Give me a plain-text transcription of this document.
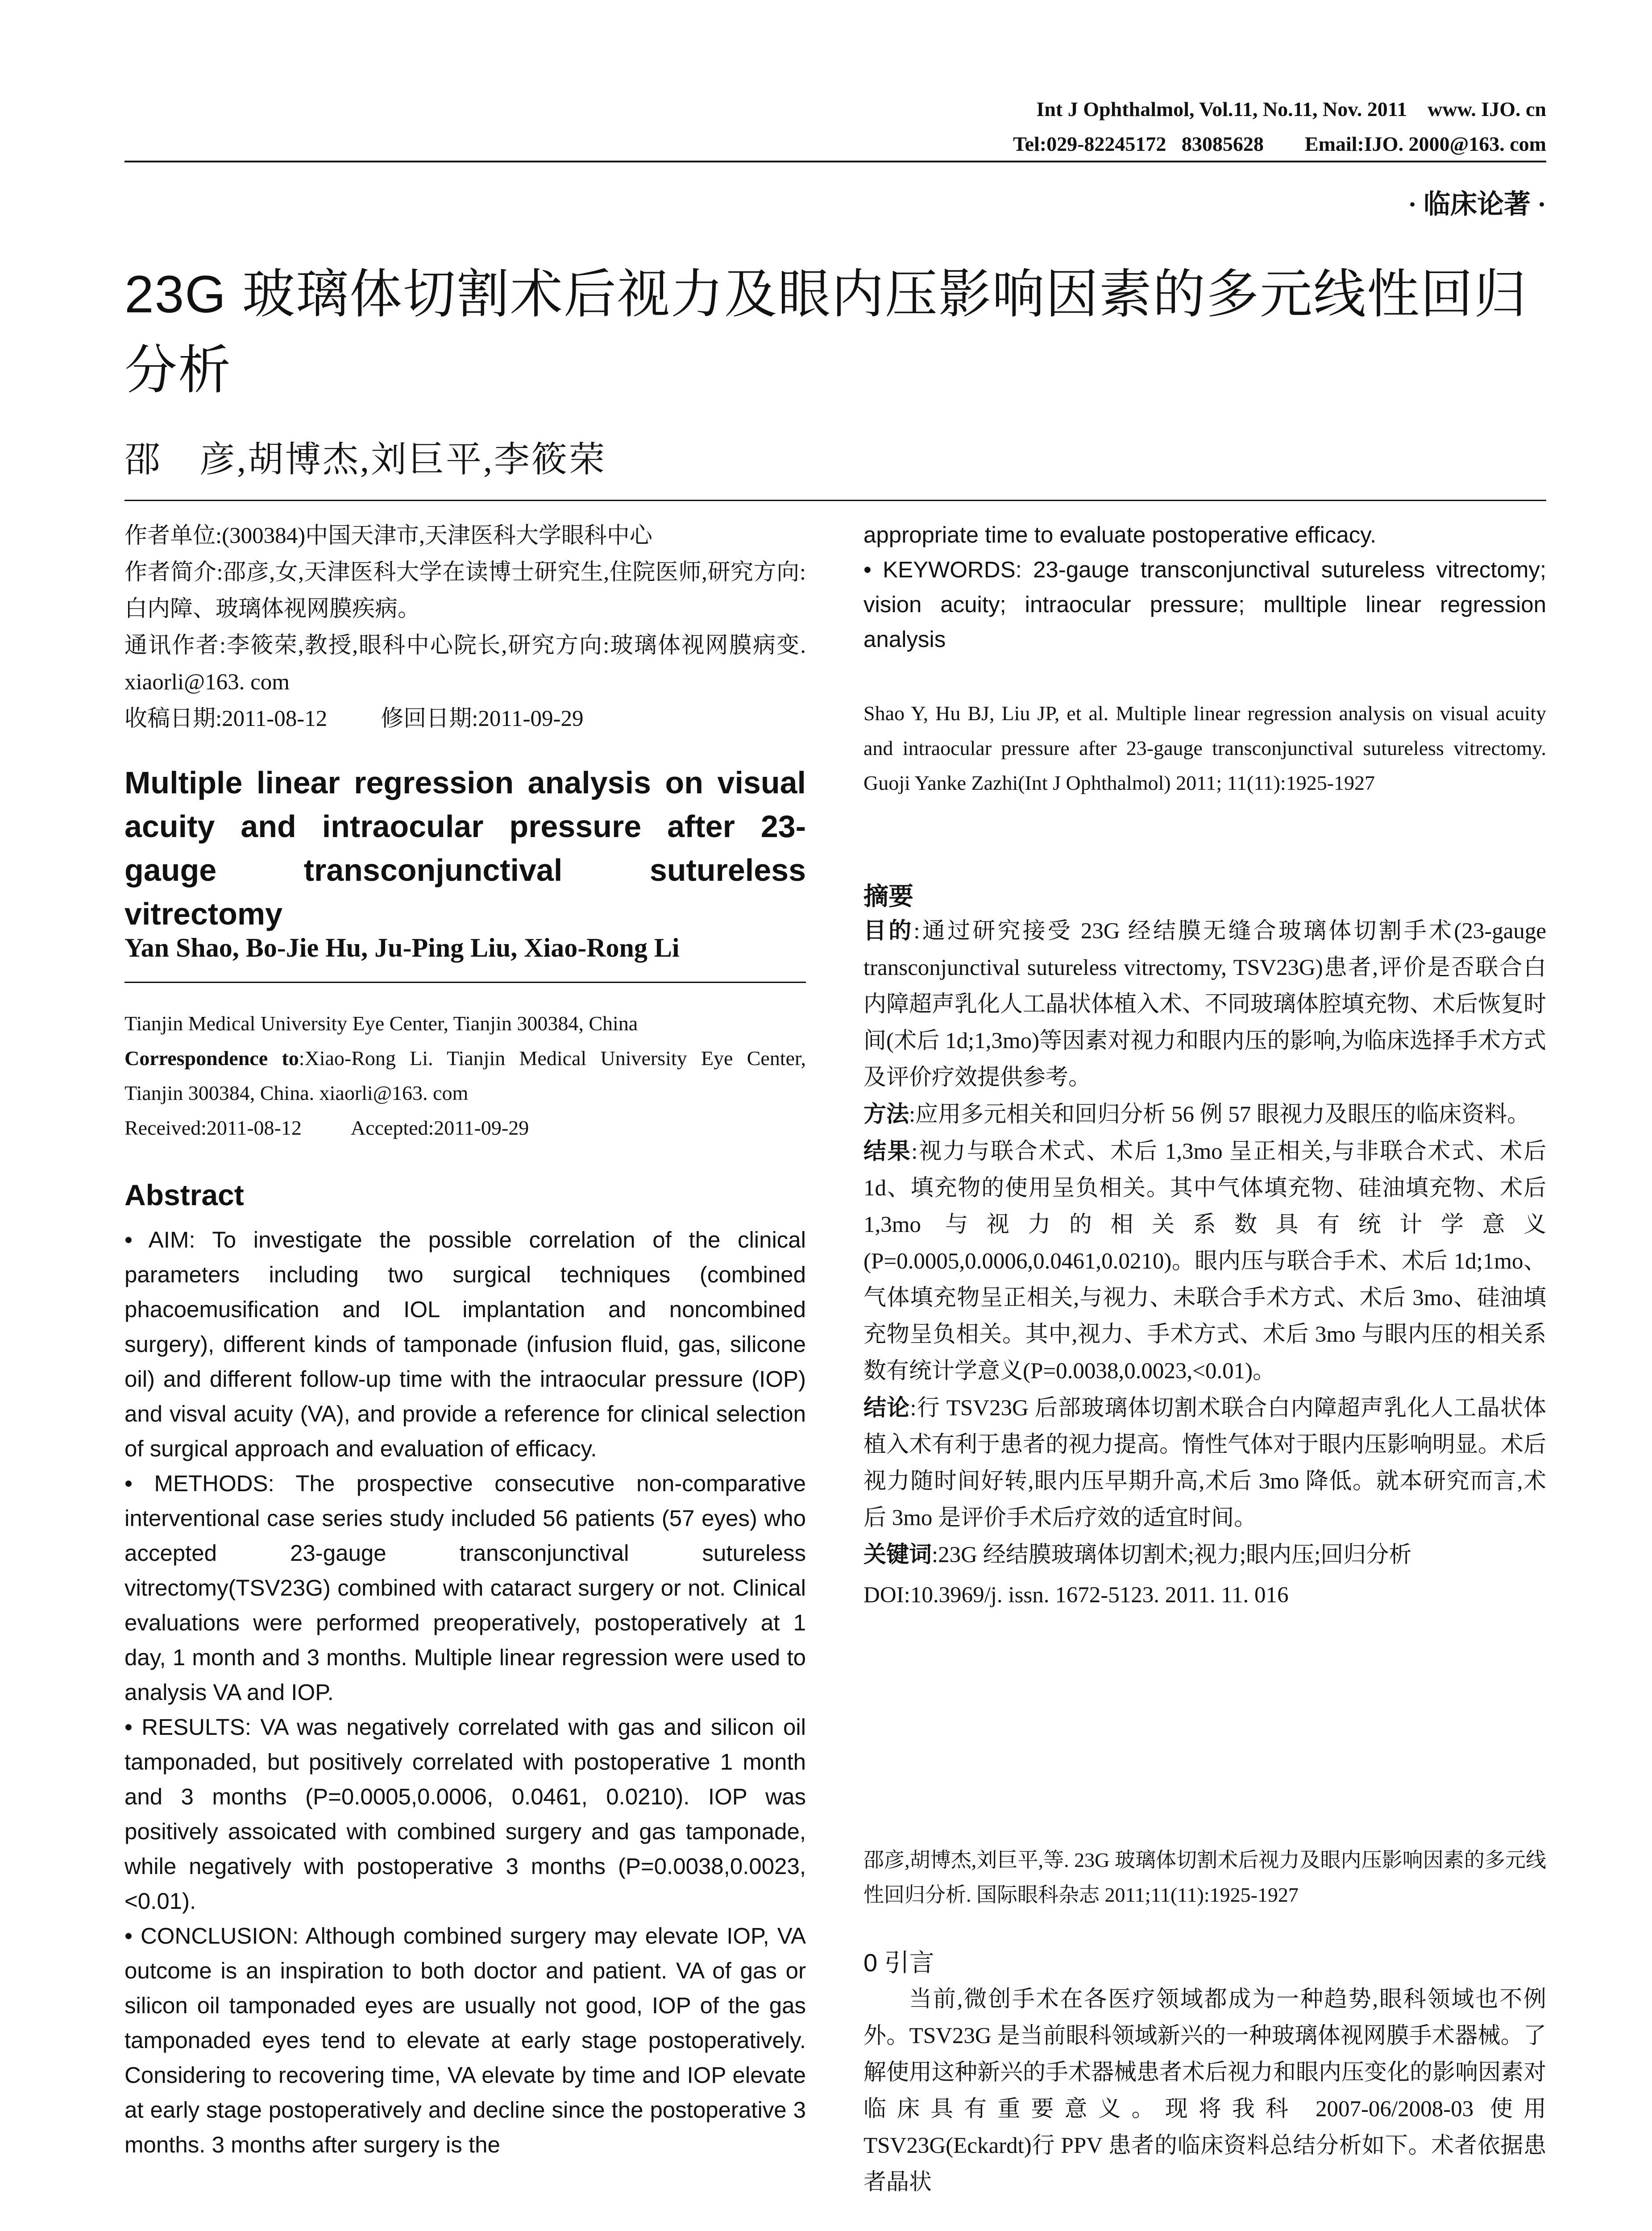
Int J Ophthalmol, Vol.11, No.11, Nov. 2011    www. IJO. cn
Tel:029-82245172   83085628        Email:IJO. 2000@163. com
· 临床论著 ·
23G 玻璃体切割术后视力及眼内压影响因素的多元线性回归分析
邵　彦,胡博杰,刘巨平,李筱荣

作者单位:(300384)中国天津市,天津医科大学眼科中心

作者简介:邵彦,女,天津医科大学在读博士研究生,住院医师,研究方向:白内障、玻璃体视网膜疾病。

通讯作者:李筱荣,教授,眼科中心院长,研究方向:玻璃体视网膜病变. xiaorli@163. com

收稿日期:2011-08-12 修回日期:2011-09-29

Multiple linear regression analysis on visual acuity and intraocular pressure after 23-gauge transconjunctival sutureless vitrectomy
Yan Shao, Bo-Jie Hu, Ju-Ping Liu, Xiao-Rong Li

Tianjin Medical University Eye Center, Tianjin 300384, China

Correspondence to:Xiao-Rong Li. Tianjin Medical University Eye Center, Tianjin 300384, China. xiaorli@163. com

Received:2011-08-12 Accepted:2011-09-29

Abstract

• AIM: To investigate the possible correlation of the clinical parameters including two surgical techniques (combined phacoemusification and IOL implantation and noncombined surgery), different kinds of tamponade (infusion fluid, gas, silicone oil) and different follow-up time with the intraocular pressure (IOP) and visval acuity (VA), and provide a reference for clinical selection of surgical approach and evaluation of efficacy.

• METHODS: The prospective consecutive non-comparative interventional case series study included 56 patients (57 eyes) who accepted 23-gauge transconjunctival sutureless vitrectomy(TSV23G) combined with cataract surgery or not. Clinical evaluations were performed preoperatively, postoperatively at 1 day, 1 month and 3 months. Multiple linear regression were used to analysis VA and IOP.

• RESULTS: VA was negatively correlated with gas and silicon oil tamponaded, but positively correlated with postoperative 1 month and 3 months (P=0.0005,0.0006, 0.0461, 0.0210). IOP was positively assoicated with combined surgery and gas tamponade, while negatively with postoperative 3 months (P=0.0038,0.0023, <0.01).

• CONCLUSION: Although combined surgery may elevate IOP, VA outcome is an inspiration to both doctor and patient. VA of gas or silicon oil tamponaded eyes are usually not good, IOP of the gas tamponaded eyes tend to elevate at early stage postoperatively. Considering to recovering time, VA elevate by time and IOP elevate at early stage postoperatively and decline since the postoperative 3 months. 3 months after surgery is the

appropriate time to evaluate postoperative efficacy.

• KEYWORDS: 23-gauge transconjunctival sutureless vitrectomy; vision acuity; intraocular pressure; mulltiple linear regression analysis

Shao Y, Hu BJ, Liu JP, et al. Multiple linear regression analysis on visual acuity and intraocular pressure after 23-gauge transconjunctival sutureless vitrectomy. Guoji Yanke Zazhi(Int J Ophthalmol) 2011; 11(11):1925-1927
摘要

目的:通过研究接受 23G 经结膜无缝合玻璃体切割手术(23-gauge transconjunctival sutureless vitrectomy, TSV23G)患者,评价是否联合白内障超声乳化人工晶状体植入术、不同玻璃体腔填充物、术后恢复时间(术后 1d;1,3mo)等因素对视力和眼内压的影响,为临床选择手术方式及评价疗效提供参考。

方法:应用多元相关和回归分析 56 例 57 眼视力及眼压的临床资料。

结果:视力与联合术式、术后 1,3mo 呈正相关,与非联合术式、术后 1d、填充物的使用呈负相关。其中气体填充物、硅油填充物、术后 1,3mo 与视力的相关系数具有统计学意义(P=0.0005,0.0006,0.0461,0.0210)。眼内压与联合手术、术后 1d;1mo、气体填充物呈正相关,与视力、未联合手术方式、术后 3mo、硅油填充物呈负相关。其中,视力、手术方式、术后 3mo 与眼内压的相关系数有统计学意义(P=0.0038,0.0023,<0.01)。

结论:行 TSV23G 后部玻璃体切割术联合白内障超声乳化人工晶状体植入术有利于患者的视力提高。惰性气体对于眼内压影响明显。术后视力随时间好转,眼内压早期升高,术后 3mo 降低。就本研究而言,术后 3mo 是评价手术后疗效的适宜时间。

关键词:23G 经结膜玻璃体切割术;视力;眼内压;回归分析

DOI:10.3969/j. issn. 1672-5123. 2011. 11. 016

邵彦,胡博杰,刘巨平,等. 23G 玻璃体切割术后视力及眼内压影响因素的多元线性回归分析. 国际眼科杂志 2011;11(11):1925-1927
0 引言
当前,微创手术在各医疗领域都成为一种趋势,眼科领域也不例外。TSV23G 是当前眼科领域新兴的一种玻璃体视网膜手术器械。了解使用这种新兴的手术器械患者术后视力和眼内压变化的影响因素对临床具有重要意义。现将我科 2007-06/2008-03 使用 TSV23G(Eckardt)行 PPV 患者的临床资料总结分析如下。术者依据患者晶状
